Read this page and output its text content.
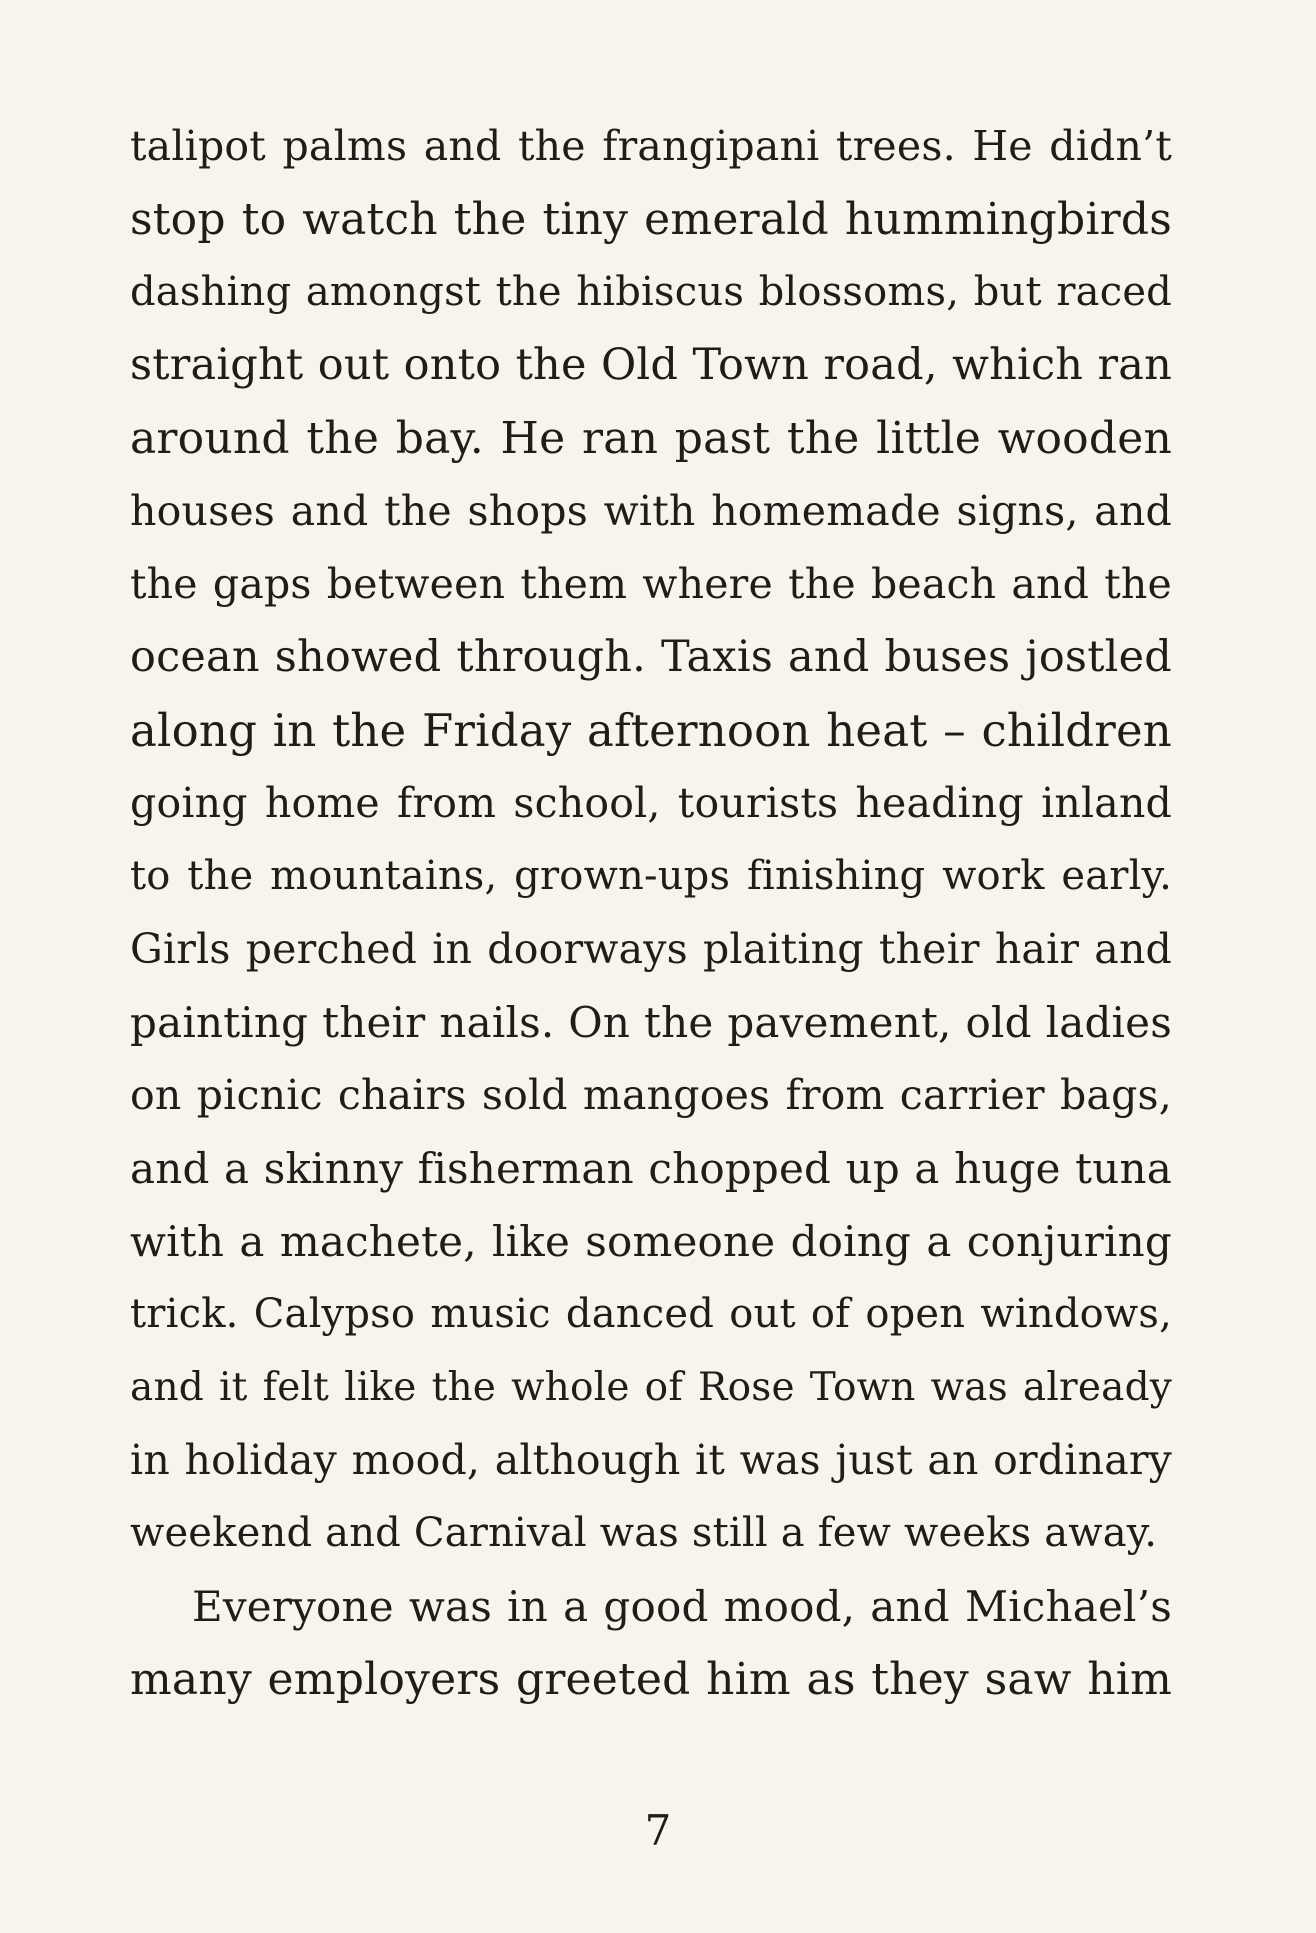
talipot palms and the frangipani trees. He didn’t
stop to watch the tiny emerald hummingbirds
dashing amongst the hibiscus blossoms, but raced
straight out onto the Old Town road, which ran
around the bay. He ran past the little wooden
houses and the shops with homemade signs, and
the gaps between them where the beach and the
ocean showed through. Taxis and buses jostled
along in the Friday afternoon heat – children
going home from school, tourists heading inland
to the mountains, grown-ups finishing work early.
Girls perched in doorways plaiting their hair and
painting their nails. On the pavement, old ladies
on picnic chairs sold mangoes from carrier bags,
and a skinny fisherman chopped up a huge tuna
with a machete, like someone doing a conjuring
trick. Calypso music danced out of open windows,
and it felt like the whole of Rose Town was already
in holiday mood, although it was just an ordinary
weekend and Carnival was still a few weeks away.
Everyone was in a good mood, and Michael’s
many employers greeted him as they saw him
7
